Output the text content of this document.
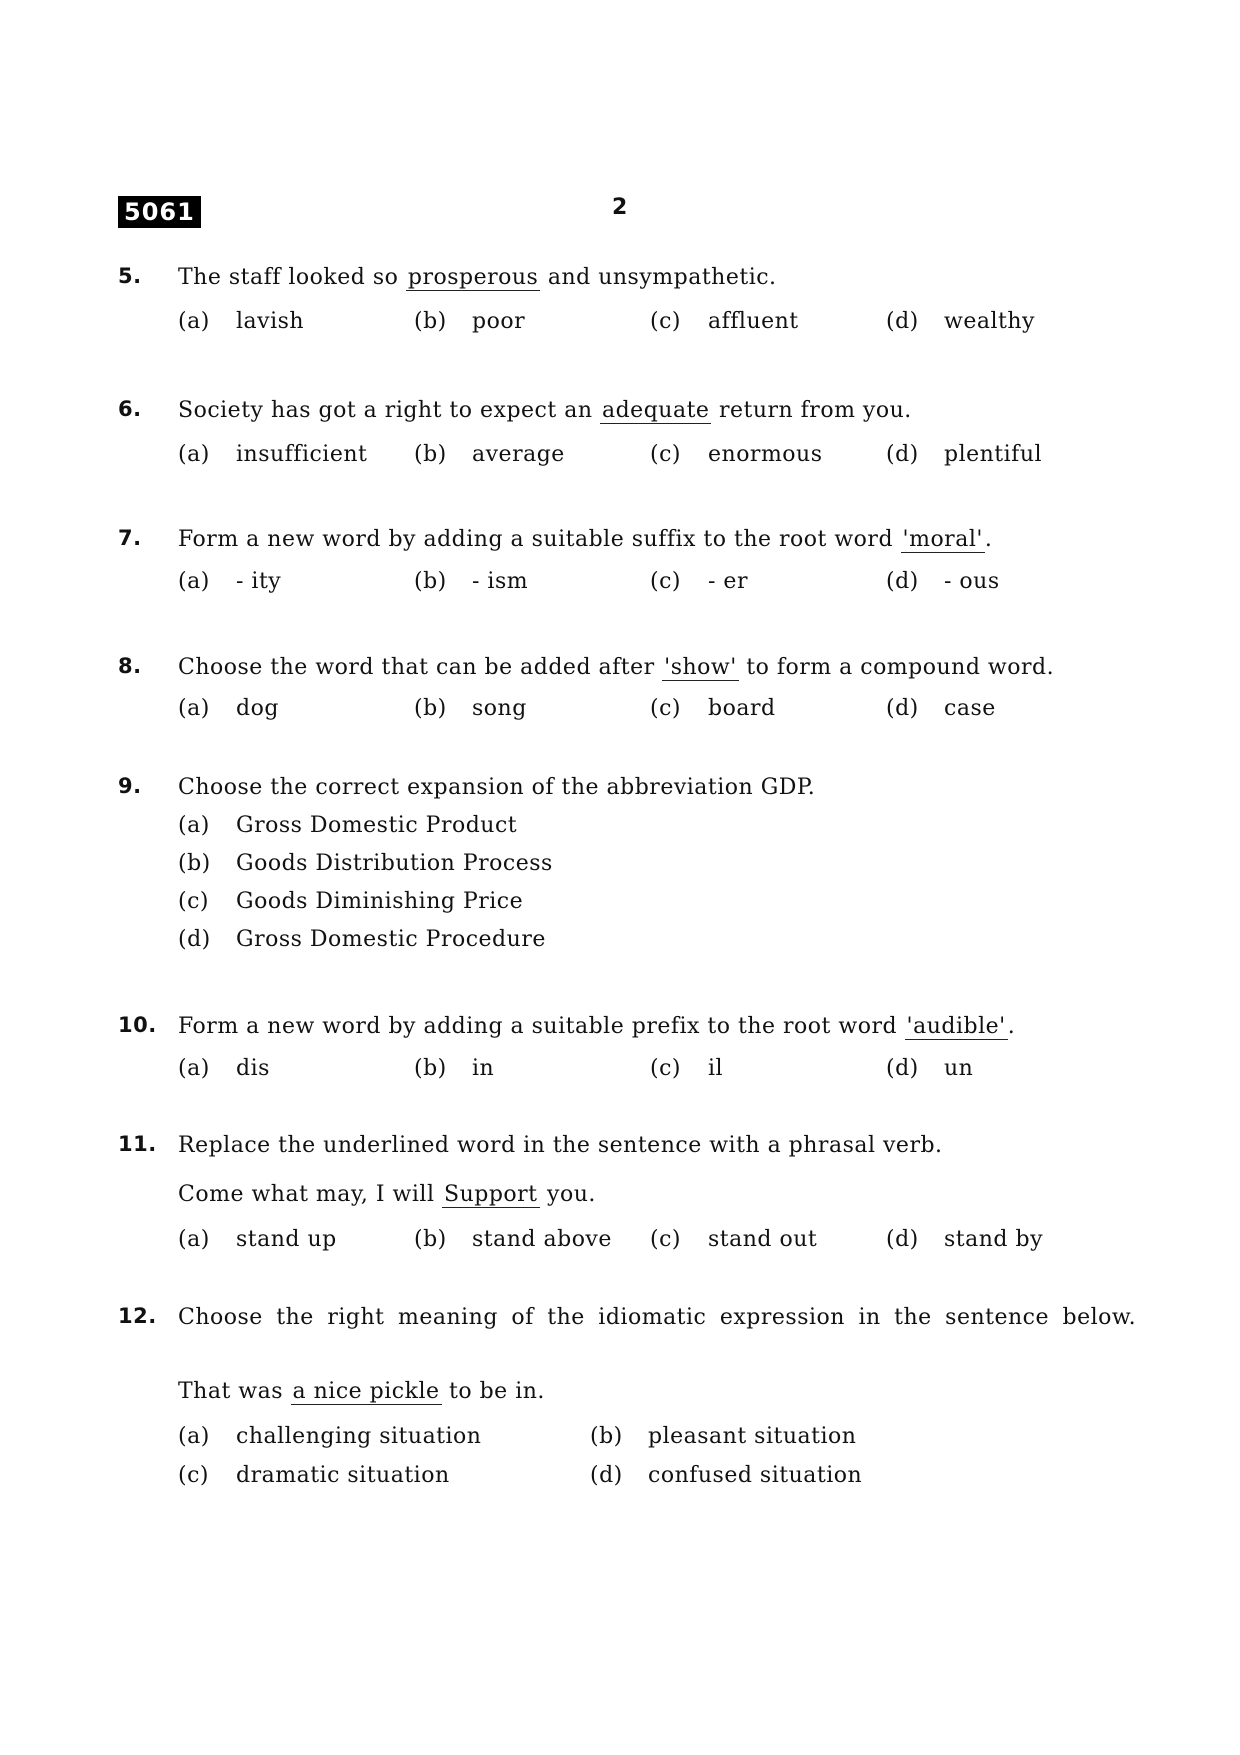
5061	2
5. The staff looked so prosperous and unsympathetic.
(a) lavish	(b) poor	(c) affluent	(d) wealthy
6. Society has got a right to expect an adequate return from you.
(a) insufficient (b) average	(c) enormous	(d) plentiful
7. Form a new word by adding a suitable suffix to the root word 'moral'.
(a) - ity	(b) - ism	(c) - er	(d) - ous
8. Choose the word that can be added after 'show' to form a compound word.
(a) dog	(b) song	(c) board	(d) case
9. Choose the correct expansion of the abbreviation GDP.
(a) Gross Domestic Product
(b) Goods Distribution Process
(c) Goods Diminishing Price
(d) Gross Domestic Procedure
10. Form a new word by adding a suitable prefix to the root word 'audible'.
(a) dis	(b) in	(c) il	(d) un
11. Replace the underlined word in the sentence with a phrasal verb.
Come what may, I will Support you.
(a) stand up	(b) stand above (c) stand out	(d) stand by
12. Choose the right meaning of the idiomatic expression in the sentence below.
That was a nice pickle to be in.
(a) challenging situation	(b) pleasant situation
(c) dramatic situation	(d) confused situation
